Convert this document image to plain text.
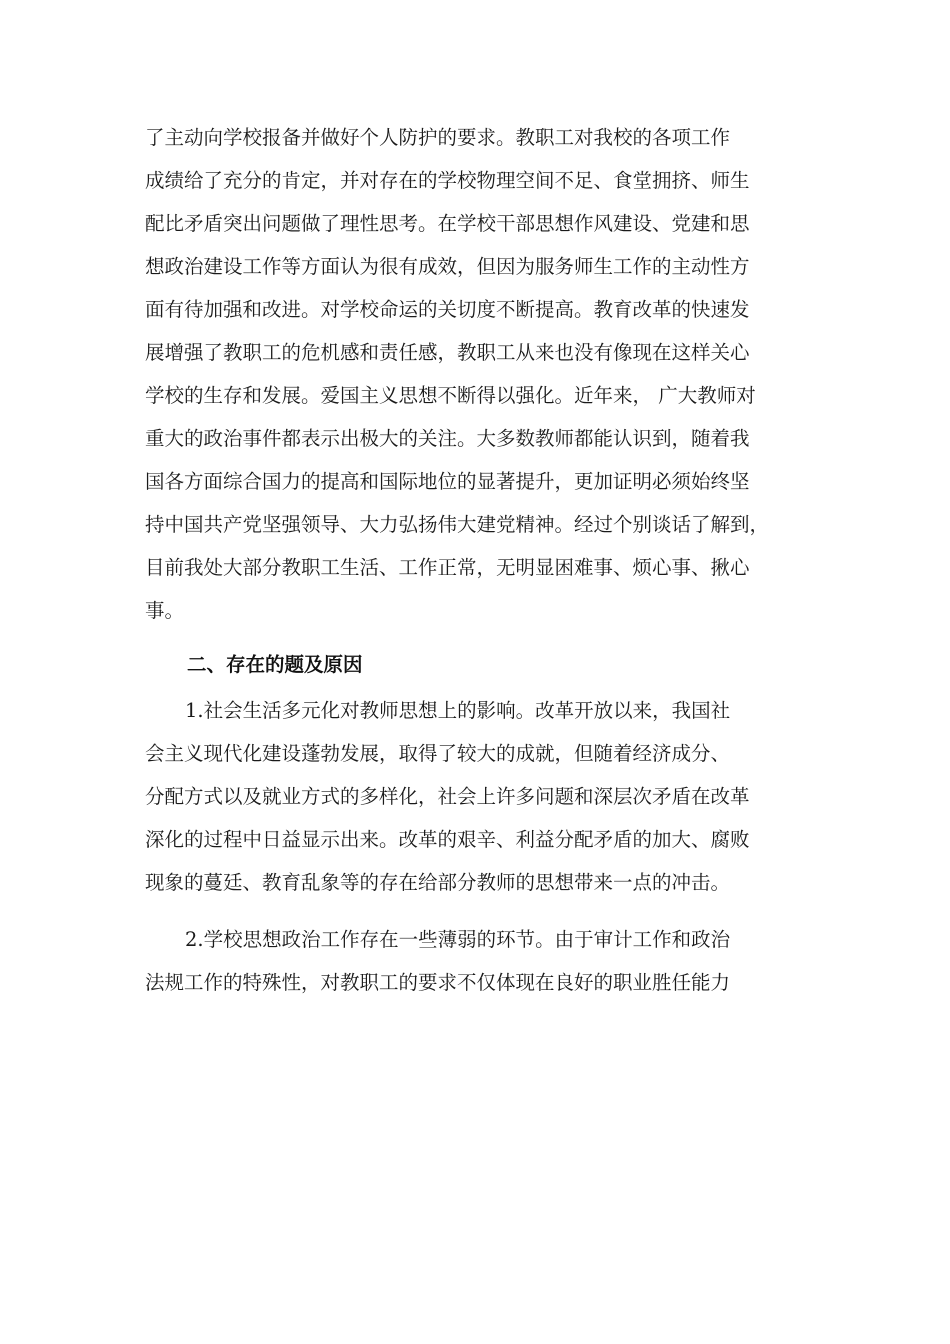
了主动向学校报备并做好个人防护的要求。教职工对我校的各项工作

成绩给了充分的肯定，并对存在的学校物理空间不足、食堂拥挤、师生

配比矛盾突出问题做了理性思考。在学校干部思想作风建设、党建和思

想政治建设工作等方面认为很有成效，但因为服务师生工作的主动性方

面有待加强和改进。对学校命运的关切度不断提高。教育改革的快速发

展增强了教职工的危机感和责任感，教职工从来也没有像现在这样关心

学校的生存和发展。爱国主义思想不断得以强化。近年来， 广大教师对

重大的政治事件都表示出极大的关注。大多数教师都能认识到，随着我

国各方面综合国力的提高和国际地位的显著提升，更加证明必须始终坚

持中国共产党坚强领导、大力弘扬伟大建党精神。经过个别谈话了解到，

目前我处大部分教职工生活、工作正常，无明显困难事、烦心事、揪心

事。

二、存在的题及原因

1.社会生活多元化对教师思想上的影响。改革开放以来，我国社

会主义现代化建设蓬勃发展，取得了较大的成就，但随着经济成分、

分配方式以及就业方式的多样化，社会上许多问题和深层次矛盾在改革

深化的过程中日益显示出来。改革的艰辛、利益分配矛盾的加大、腐败

现象的蔓廷、教育乱象等的存在给部分教师的思想带来一点的冲击。

2.学校思想政治工作存在一些薄弱的环节。由于审计工作和政治

法规工作的特殊性，对教职工的要求不仅体现在良好的职业胜任能力
